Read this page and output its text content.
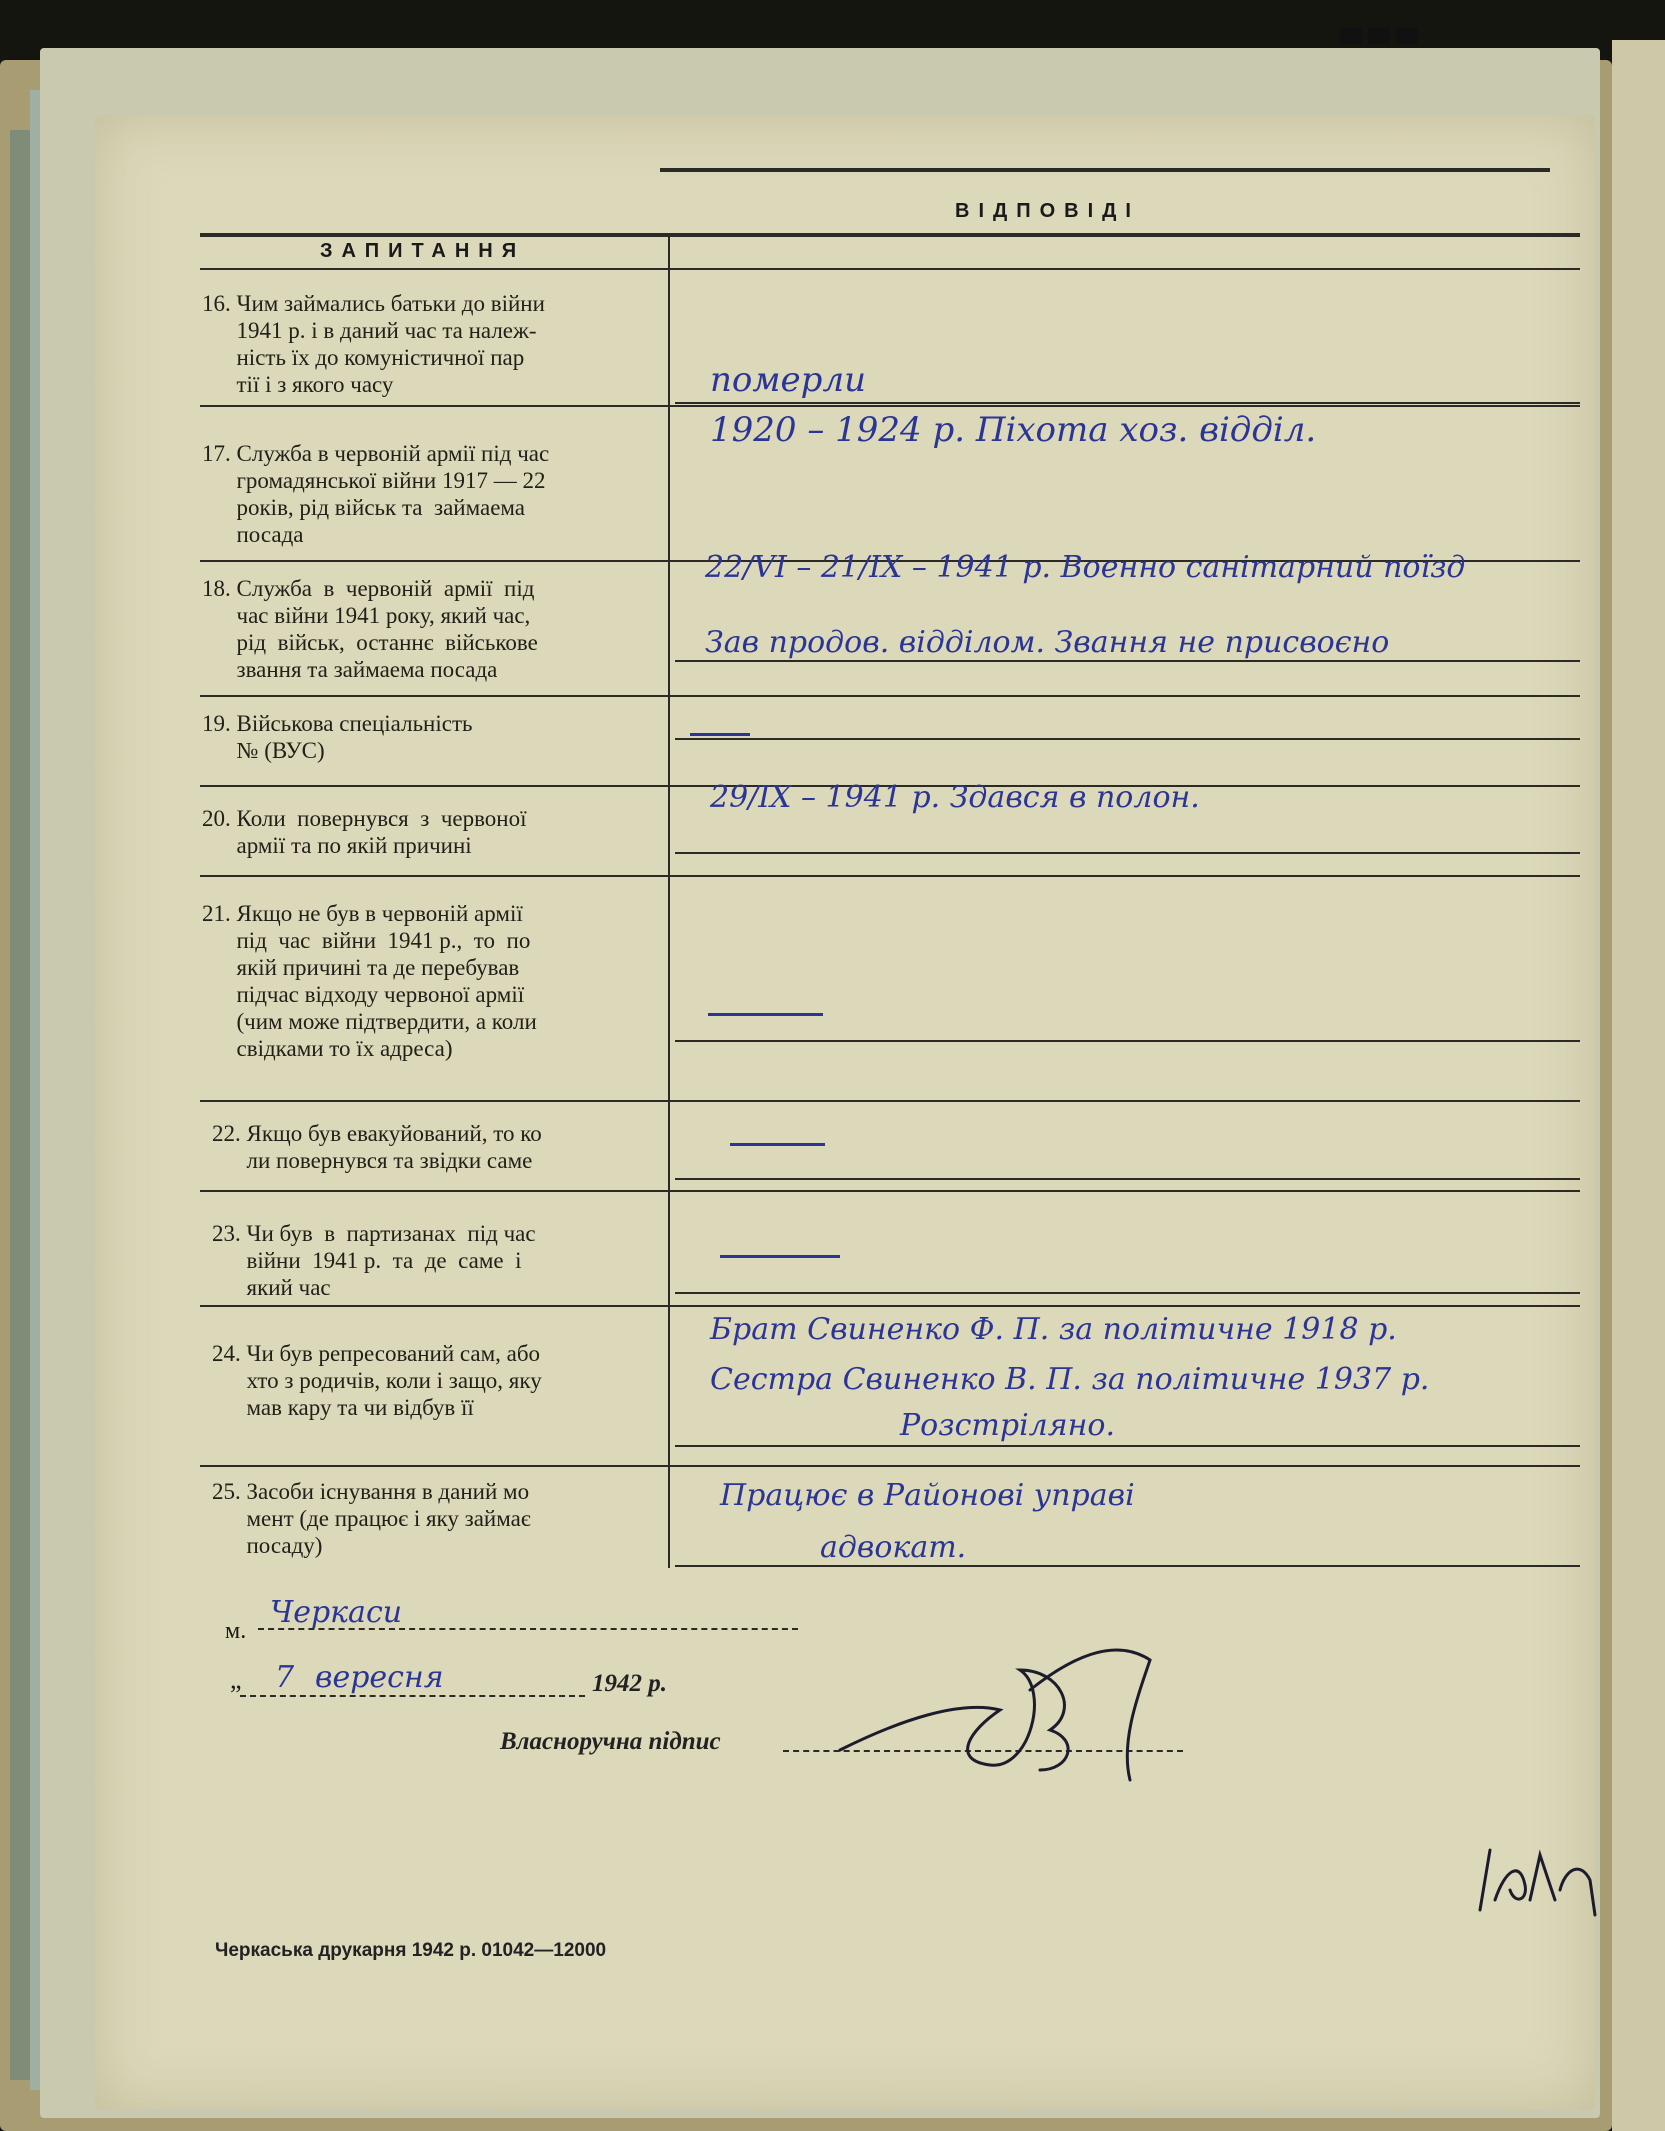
ВІДПОВІДІ
ЗАПИТАННЯ
16. Чим займались батьки до війни
1941 р. і в даний час та належ-
ність їх до комуністичної пар
тії і з якого часу	померли
17. Служба в червоній армії під час
громадянської війни 1917 — 22
років, рід військ та  займаема
посада
1920 – 1924 р. Піхота хоз. відділ.
18. Служба  в  червоній  армії  під
час війни 1941 року, який час,
рід  військ,  останнє  військове
звання та займаема посада
22/VI – 21/IX – 1941 р. Военно санітарний поїзд
Зав продов. відділом. Звання не присвоєно
19. Військова спеціальність
№ (ВУС)
20. Коли  повернувся  з  червоної
армії та по якій причині
29/IX – 1941 р. Здався в полон.
21. Якщо не був в червоній армії
під  час  війни  1941 р.,  то  по
якій причині та де перебував
підчас відходу червоної армії
(чим може підтвердити, а коли
свідками то їх адреса)
22. Якщо був евакуйований, то ко
ли повернувся та звідки саме
23. Чи був  в  партизанах  під час
війни  1941 р.  та  де  саме  і
який час
24. Чи був репресований сам, або
хто з родичів, коли і защо, яку
мав кару та чи відбув її
Брат Свиненко Ф. П. за політичне 1918 р.
Сестра Свиненко В. П. за політичне 1937 р.
Розстріляно.
25. Засоби існування в даний мо
мент (де працює і яку займає
посаду)
Працює в Районові управі
адвокат.
м.
Черкаси
„ 7 вересня	1942 р.
Власноручна підпис
Черкаська друкарня 1942 р. 01042—12000
